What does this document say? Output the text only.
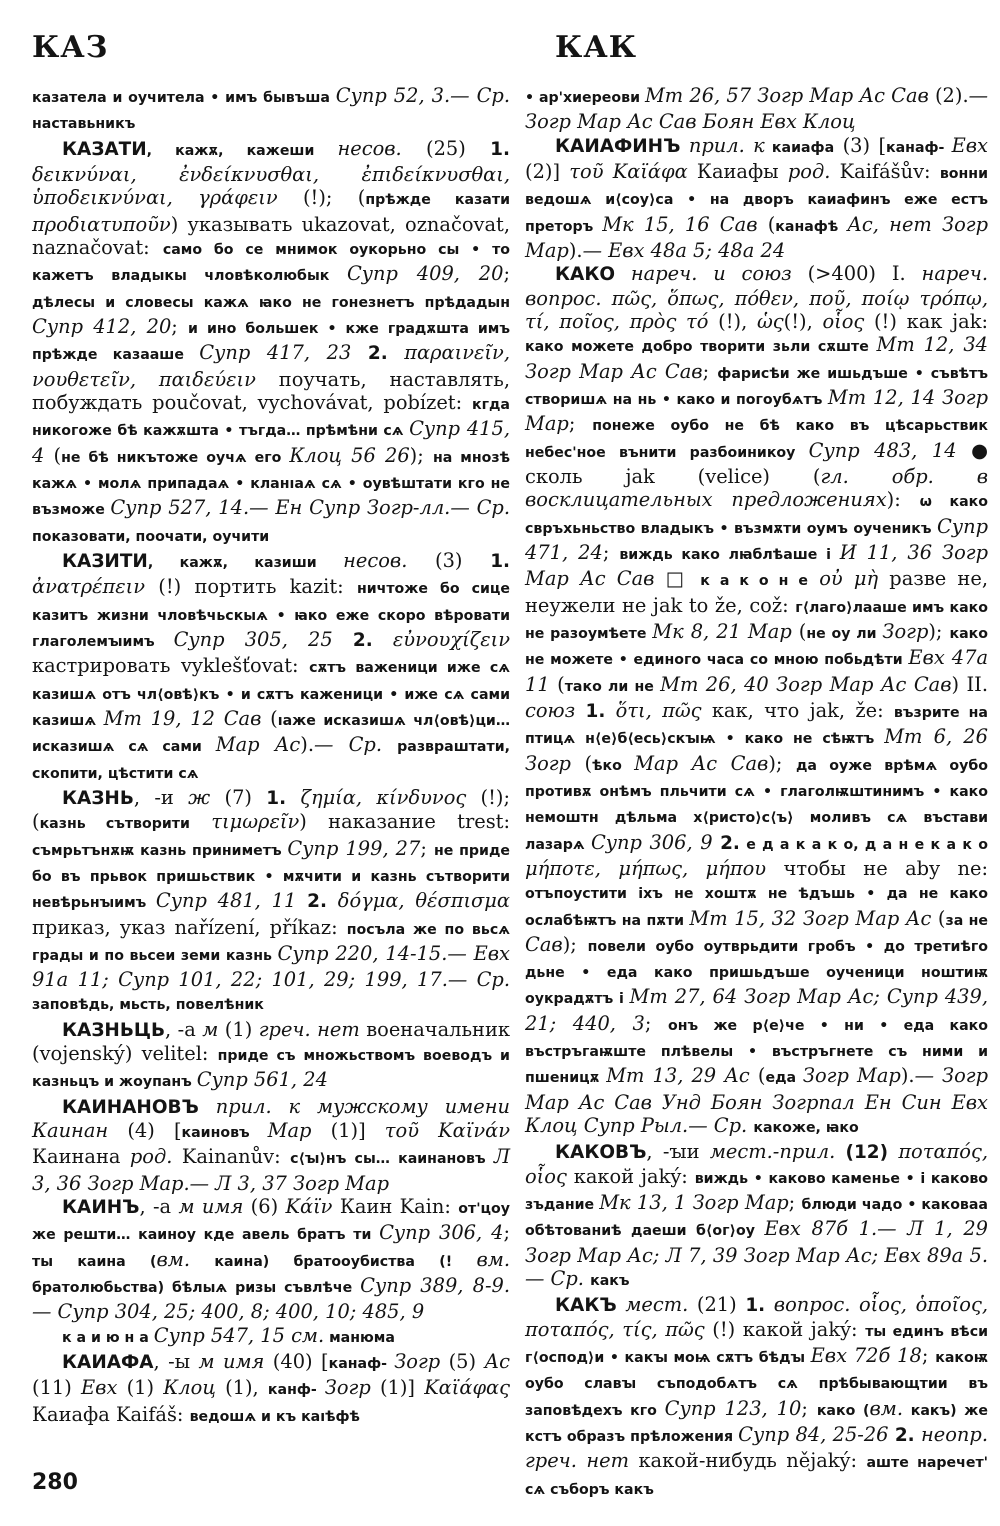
КАЗ	КАК

казатела и оучитела • имъ бывъша Супр 52, 3.— Ср. наставьникъ

КАЗАТИ, кажѫ, кажеши несов. (25) 1. δεικνύναι, ἐνδείκνυσθαι, ἐπιδείκνυσθαι, ὑποδεικνύναι, γράφειν (!); (прѣжде казати προδιατυποῦν) указывать ukazovat, označovat, naznačovat: само бо се мнимок оукорьно сы • то кажетъ владыкы чловѣколюбык Супр 409, 20; дѣлесы и словесы кажѧ ꙗко не гонезнетъ прѣдадын Супр 412, 20; и ино большек • кже градѫшта имъ прѣжде казааше Супр 417, 23 2. παραινεῖν, νουθετεῖν, παιδεύειν поучать, наставлять, побуждать poučovat, vychovávat, pobízet: кгда никогоже бѣ кажѫшта • тъгда… прѣмѣни сѧ Супр 415, 4 (не бѣ никътоже оучѧ его Клоц 56 26); на мнозѣ кажѧ • молѧ припадаѧ • кланıаѧ сѧ • оувѣштати кго не възможе Супр 527, 14.— Ен Супр Зогр-лл.— Ср. показовати, поочати, оучити

КАЗИТИ, кажѫ, казиши несов. (3) 1. ἀνατρέπειν (!) портить kazit: ничтоже бо сице казитъ жизни чловѣчьскыѧ • ꙗко еже скоро вѣровати глаголемꙑимъ Супр 305, 25 2. εὐνουχίζειν кастрировать vyklešťovat: сѫтъ важеници иже сѧ казишѧ отъ чл⟨овѣ⟩къ • и сѫтъ каженици • иже сѧ сами казишѧ Мт 19, 12 Сав (ıаже исказишѧ чл⟨овѣ⟩ци… исказишѧ сѧ сами Мар Ас).— Ср. развраштати, скопити, цѣстити сѧ

КАЗНЬ, -и ж (7) 1. ζημία, κίνδυνος (!); (казнь сътворити τιμωρεῖν) наказание trest: съмрьтънѫѭ казнь приниметъ Супр 199, 27; не приде бо въ прьвок пришьствик • мѫчити и казнь сътворити невѣрьнꙑимъ Супр 481, 11 2. δόγμα, θέσπισμα приказ, указ nařízení, příkaz: посъла же по вьсѧ грады и по вьсеи земи казнь Супр 220, 14-15.— Евх 91a 11; Супр 101, 22; 101, 29; 199, 17.— Ср. заповѣдь, мьсть, повелѣник

КАЗНЬЦЬ, -а м (1) греч. нет военачальник (vojenský) velitel: приде съ множьствомъ воеводъ и казньцъ и жоупанъ Супр 561, 24

КАИНАНОВЪ прил. к мужскому имени Каинан (4) [каиновъ Мар (1)] τοῦ Καϊνάν Каинана род. Kainanův: с⟨ꙑ⟩нъ сы… каинановъ Л 3, 36 Зогр Мар.— Л 3, 37 Зогр Мар

КАИНЪ, -а м имя (6) Κάϊν Каин Kain: от'цоу же решти… каиноу кде авель братъ ти Супр 306, 4; ты каина (вм. каина) братооубиства (! вм. братолюбьства) бѣлыѧ ризы съвлѣче Супр 389, 8-9.— Супр 304, 25; 400, 8; 400, 10; 485, 9

к а и ю н а Супр 547, 15 см. манюма

КАИАФА, -ы м имя (40) [канаф- Зогр (5) Ас (11) Евх (1) Клоц (1), канф- Зогр (1)] Καϊάφας Каиафа Kaifáš: ведошѧ и къ каıѣфѣ

• ар'хиереови Мт 26, 57 Зогр Мар Ас Сав (2).— Зогр Мар Ас Сав Боян Евх Клоц

КАИАФИНЪ прил. к каиафа (3) [канаф- Евх (2)] τοῦ Καϊάφα Каиафы род. Kaifášův: вонни ведошѧ и⟨соу⟩са • на дворъ каиафинъ еже естъ преторъ Мк 15, 16 Сав (канафѣ Ас, нет Зогр Мар).— Евх 48a 5; 48a 24

КАКО нареч. и союз (>400) I. нареч. вопрос. πῶς, ὅπως, πόθεν, ποῦ, ποίῳ τρόπῳ, τί, ποῖος, πρὸς τό (!), ὡς(!), οἷος (!) как jak: како можете добро творити зьли сѫште Мт 12, 34 Зогр Мар Ас Сав; фарисѣи же ишьдъше • съвѣтъ створишѧ на нь • како и погоубѧтъ Мт 12, 14 Зогр Мар; понеже оубо не бѣ како въ цѣсарьствик небес'ное вънити разбоиникоу Супр 483, 14 ● сколь jak (velice) (гл. обр. в восклицательных предложениях): ѡ како свръхьньство владыкъ • възмѫти оумъ оученикъ Супр 471, 24; виждь како лꙗблѣаше і И 11, 36 Зогр Мар Ас Сав □ к а к о н е οὐ μὴ разве не, неужели не jak to že, což: г⟨лаго⟩лааше имъ како не разоумѣете Мк 8, 21 Мар (не оу ли Зогр); како не можете • единого часа со мною побьдѣти Евх 47a 11 (тако ли не Мт 26, 40 Зогр Мар Ас Сав) II. союз 1. ὅτι, πῶς как, что jak, že: възрите на птицѧ н⟨е⟩б⟨есь⟩скꙑѩ • како не сѣѭтъ Мт 6, 26 Зогр (ѣко Мар Ас Сав); да оуже врѣмѧ оубо противѫ онѣмъ пльчити сѧ • глаголѭштинимъ • како немоштн дѣльма х⟨ристо⟩с⟨ъ⟩ моливъ сѧ въстави лазарѧ Супр 306, 9 2. е д а к а к о, д а н е к а к о μήποτε, μήπως, μήπου чтобы не aby ne: отъпоустити іхъ не хоштѫ не ѣдъшь • да не како ослабѣѭтъ на пѫти Мт 15, 32 Зогр Мар Ас (за не Сав); повели оубо оутврьдити гробъ • до третиѣго дьне • еда како пришьдъше оученици ноштиѭ оукрадѫтъ і Мт 27, 64 Зогр Мар Ас; Супр 439, 21; 440, 3; онъ же р⟨е⟩че • ни • еда како въстръгаѭште плѣвелы • въстръгнете съ ними и пшеницѫ Мт 13, 29 Ас (еда Зогр Мар).— Зогр Мар Ас Сав Унд Боян Зогрпал Ен Син Евх Клоц Супр Рыл.— Ср. какоже, ꙗко

КАКОВЪ, -ꙑи мест.-прил. (12) ποταπός, οἷος какой jaký: виждь • каково каменье • і каково зъдание Мк 13, 1 Зогр Мар; блюди чадо • каковаа обѣтованиѣ даеши б⟨ог⟩оу Евх 87б 1.— Л 1, 29 Зогр Мар Ас; Л 7, 39 Зогр Мар Ас; Евх 89a 5.— Ср. какъ

КАКЪ мест. (21) 1. вопрос. οἷος, ὁποῖος, ποταπός, τίς, πῶς (!) какой jaký: ты единъ вѣси г⟨оспод⟩и • какꙑ моѩ сѫтъ бѣдꙑ Евх 72б 18; какоѭ оубо славꙑ съподобѧтъ сѧ прѣбывающтии въ заповѣдехъ кго Супр 123, 10; како (вм. какъ) же кстъ образъ прѣложения Супр 84, 25-26 2. неопр. греч. нет какой-нибудь nějaký: аште наречет' сѧ съборъ какъ

280
